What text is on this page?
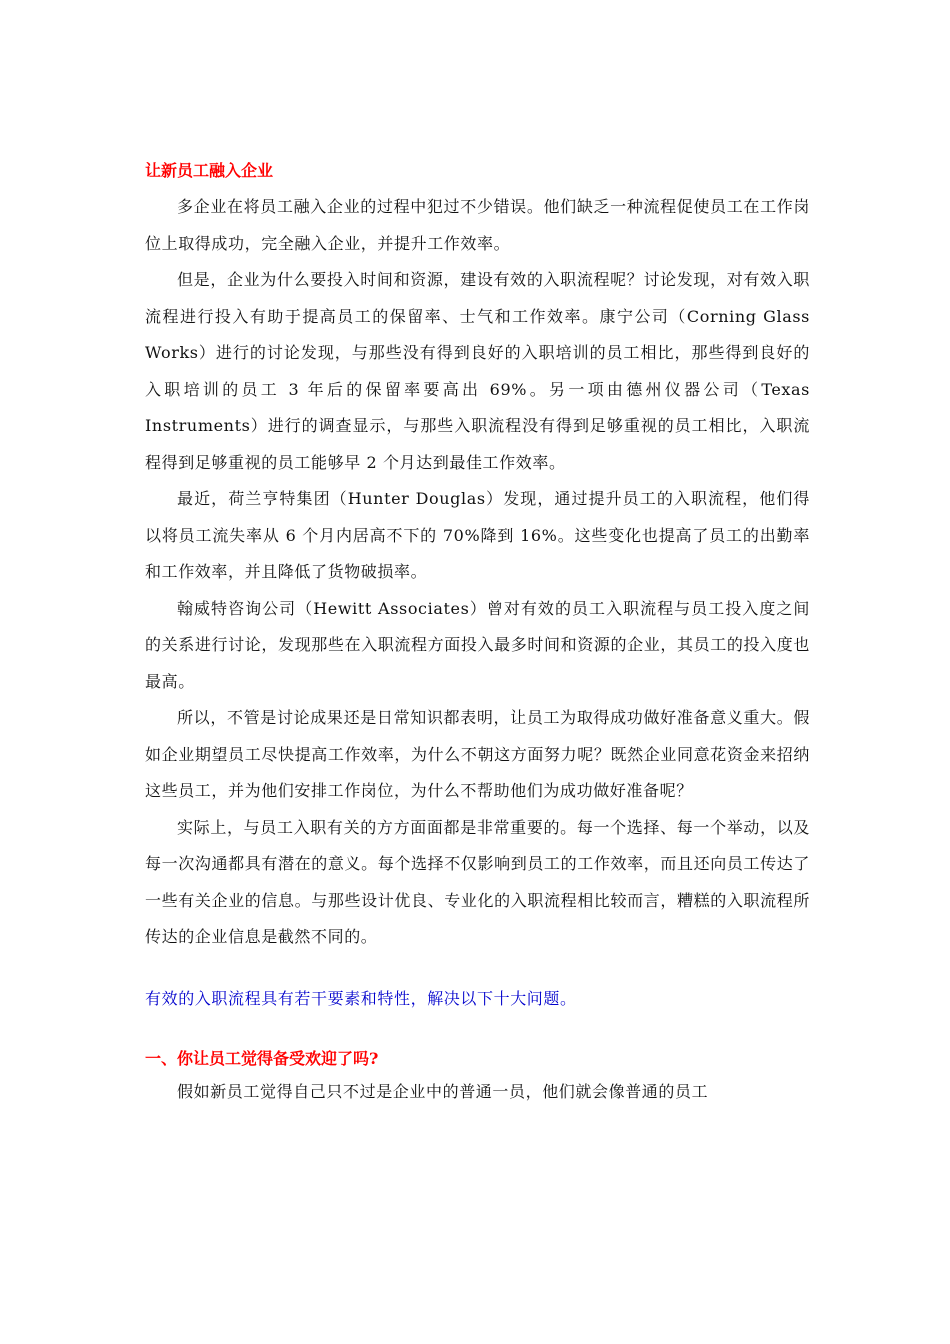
让新员工融入企业

多企业在将员工融入企业的过程中犯过不少错误。他们缺乏一种流程促使员工在工作岗位上取得成功，完全融入企业，并提升工作效率。

但是，企业为什么要投入时间和资源，建设有效的入职流程呢？讨论发现，对有效入职流程进行投入有助于提高员工的保留率、士气和工作效率。康宁公司（Corning Glass Works）进行的讨论发现，与那些没有得到良好的入职培训的员工相比，那些得到良好的入职培训的员工 3 年后的保留率要高出 69%。另一项由德州仪器公司（Texas Instruments）进行的调查显示，与那些入职流程没有得到足够重视的员工相比，入职流程得到足够重视的员工能够早 2 个月达到最佳工作效率。

最近，荷兰亨特集团（Hunter Douglas）发现，通过提升员工的入职流程，他们得以将员工流失率从 6 个月内居高不下的 70%降到 16%。这些变化也提高了员工的出勤率和工作效率，并且降低了货物破损率。

翰威特咨询公司（Hewitt Associates）曾对有效的员工入职流程与员工投入度之间的关系进行讨论，发现那些在入职流程方面投入最多时间和资源的企业，其员工的投入度也最高。

所以，不管是讨论成果还是日常知识都表明，让员工为取得成功做好准备意义重大。假如企业期望员工尽快提高工作效率，为什么不朝这方面努力呢？既然企业同意花资金来招纳这些员工，并为他们安排工作岗位，为什么不帮助他们为成功做好准备呢？

实际上，与员工入职有关的方方面面都是非常重要的。每一个选择、每一个举动，以及每一次沟通都具有潜在的意义。每个选择不仅影响到员工的工作效率，而且还向员工传达了一些有关企业的信息。与那些设计优良、专业化的入职流程相比较而言，糟糕的入职流程所传达的企业信息是截然不同的。

有效的入职流程具有若干要素和特性，解决以下十大问题。

一、你让员工觉得备受欢迎了吗?

假如新员工觉得自己只不过是企业中的普通一员，他们就会像普通的员工
